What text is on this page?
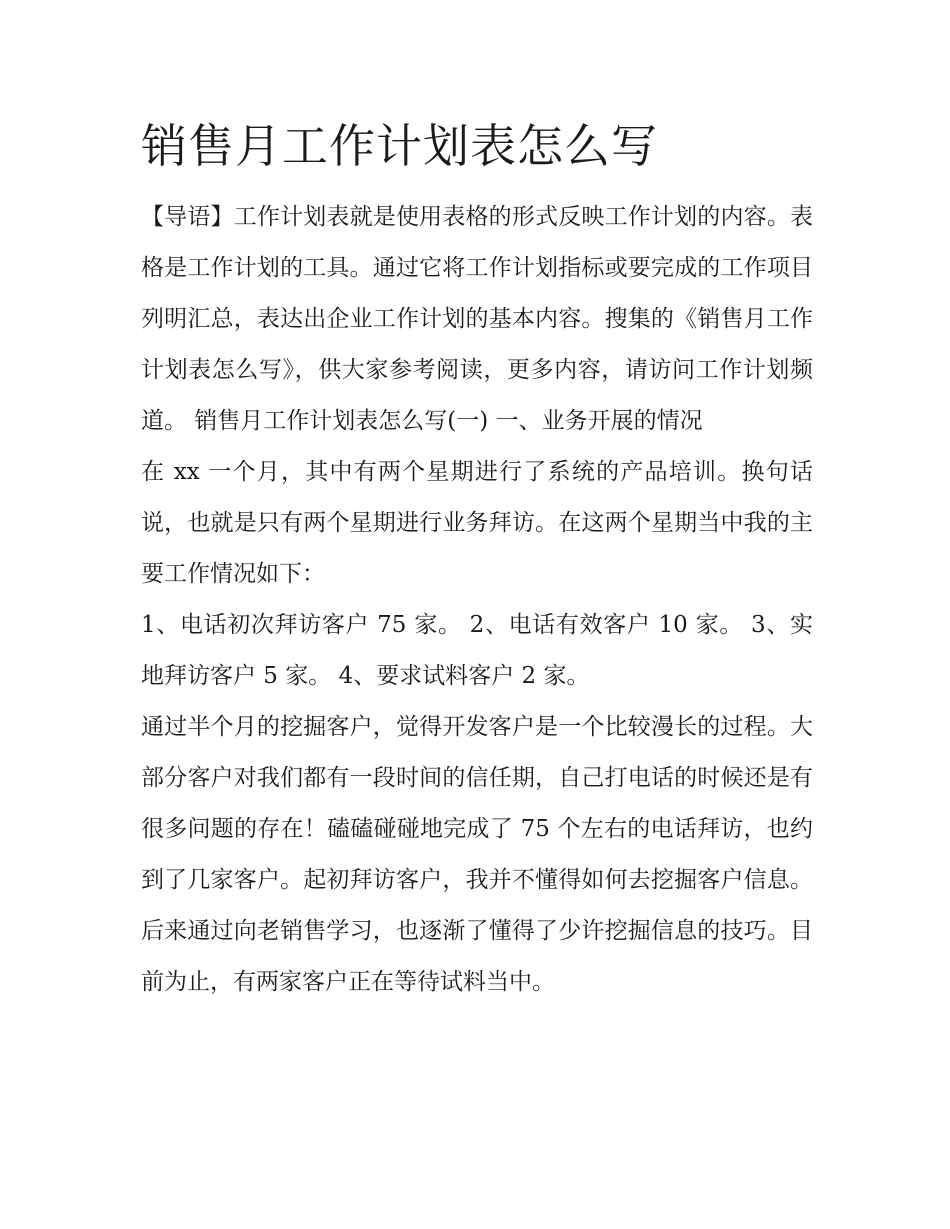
销售月工作计划表怎么写

【导语】工作计划表就是使用表格的形式反映工作计划的内容。表格是工作计划的工具。通过它将工作计划指标或要完成的工作项目列明汇总，表达出企业工作计划的基本内容。搜集的《销售月工作计划表怎么写》，供大家参考阅读，更多内容，请访问工作计划频道。 销售月工作计划表怎么写(一) 一、业务开展的情况

在 xx 一个月，其中有两个星期进行了系统的产品培训。换句话说，也就是只有两个星期进行业务拜访。在这两个星期当中我的主要工作情况如下：

1、电话初次拜访客户 75 家。 2、电话有效客户 10 家。 3、实地拜访客户 5 家。 4、要求试料客户 2 家。

通过半个月的挖掘客户，觉得开发客户是一个比较漫长的过程。大部分客户对我们都有一段时间的信任期，自己打电话的时候还是有很多问题的存在！磕磕碰碰地完成了 75 个左右的电话拜访，也约到了几家客户。起初拜访客户，我并不懂得如何去挖掘客户信息。后来通过向老销售学习，也逐渐了懂得了少许挖掘信息的技巧。目前为止，有两家客户正在等待试料当中。
